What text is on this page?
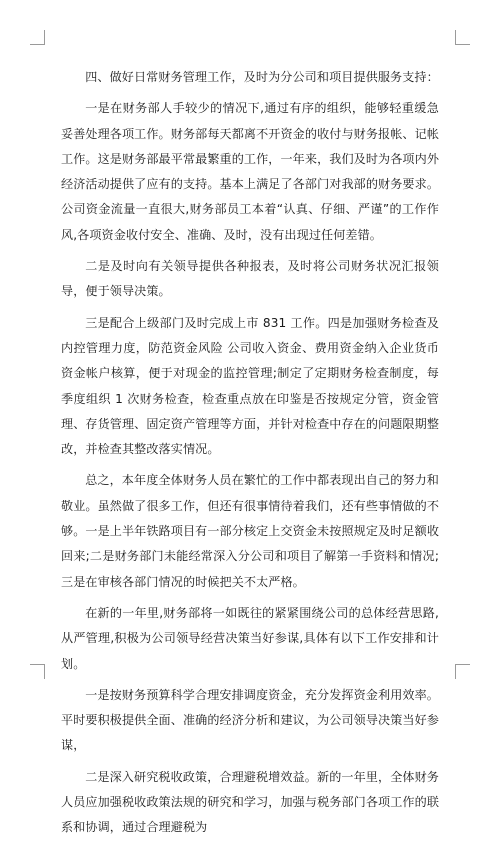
四、做好日常财务管理工作，及时为分公司和项目提供服务支持：

一是在财务部人手较少的情况下,通过有序的组织，能够轻重缓急妥善处理各项工作。财务部每天都离不开资金的收付与财务报帐、记帐工作。这是财务部最平常最繁重的工作，一年来，我们及时为各项内外经济活动提供了应有的支持。基本上满足了各部门对我部的财务要求。公司资金流量一直很大,财务部员工本着“认真、仔细、严谨”的工作作风,各项资金收付安全、准确、及时，没有出现过任何差错。

二是及时向有关领导提供各种报表，及时将公司财务状况汇报领导，便于领导决策。

三是配合上级部门及时完成上市 831 工作。四是加强财务检查及内控管理力度，防范资金风险 公司收入资金、费用资金纳入企业货币资金帐户核算，便于对现金的监控管理;制定了定期财务检查制度，每季度组织 1 次财务检查，检查重点放在印鉴是否按规定分管，资金管理、存货管理、固定资产管理等方面，并针对检查中存在的问题限期整改，并检查其整改落实情况。

总之，本年度全体财务人员在繁忙的工作中都表现出自己的努力和敬业。虽然做了很多工作，但还有很事情待着我们，还有些事情做的不够。一是上半年铁路项目有一部分核定上交资金未按照规定及时足额收回来;二是财务部门未能经常深入分公司和项目了解第一手资料和情况;三是在审核各部门情况的时候把关不太严格。

在新的一年里,财务部将一如既往的紧紧围绕公司的总体经营思路,从严管理,积极为公司领导经营决策当好参谋,具体有以下工作安排和计划。

一是按财务预算科学合理安排调度资金，充分发挥资金利用效率。平时要积极提供全面、准确的经济分析和建议，为公司领导决策当好参谋，

二是深入研究税收政策，合理避税增效益。新的一年里，全体财务人员应加强税收政策法规的研究和学习，加强与税务部门各项工作的联系和协调，通过合理避税为
